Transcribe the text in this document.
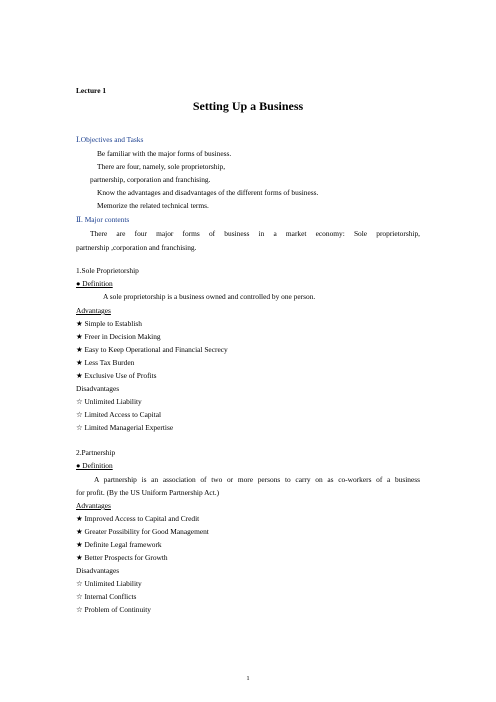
Lecture 1
Setting Up a Business
Ⅰ.Objectives and Tasks
Be familiar with the major forms of business.
There are four, namely, sole proprietorship,
partnership, corporation and franchising.
Know the advantages and disadvantages of the different forms of business.
Memorize the related technical terms.
Ⅱ. Major contents
There are four major forms of business in a market economy: Sole proprietorship,
partnership ,corporation and franchising.
1.Sole Proprietorship
● Definition
A sole proprietorship is a business owned and controlled by one person.
Advantages
★ Simple to Establish
★ Freer in Decision Making
★ Easy to Keep Operational and Financial Secrecy
★ Less Tax Burden
★ Exclusive Use of Profits
Disadvantages
☆ Unlimited Liability
☆ Limited Access to Capital
☆ Limited Managerial Expertise
2.Partnership
● Definition
A partnership is an association of two or more persons to carry on as co-workers of a business
for profit. (By the US Uniform Partnership Act.)
Advantages
★ Improved Access to Capital and Credit
★ Greater Possibility for Good Management
★ Definite Legal framework
★ Better Prospects for Growth
Disadvantages
☆ Unlimited Liability
☆ Internal Conflicts
☆ Problem of Continuity
1
